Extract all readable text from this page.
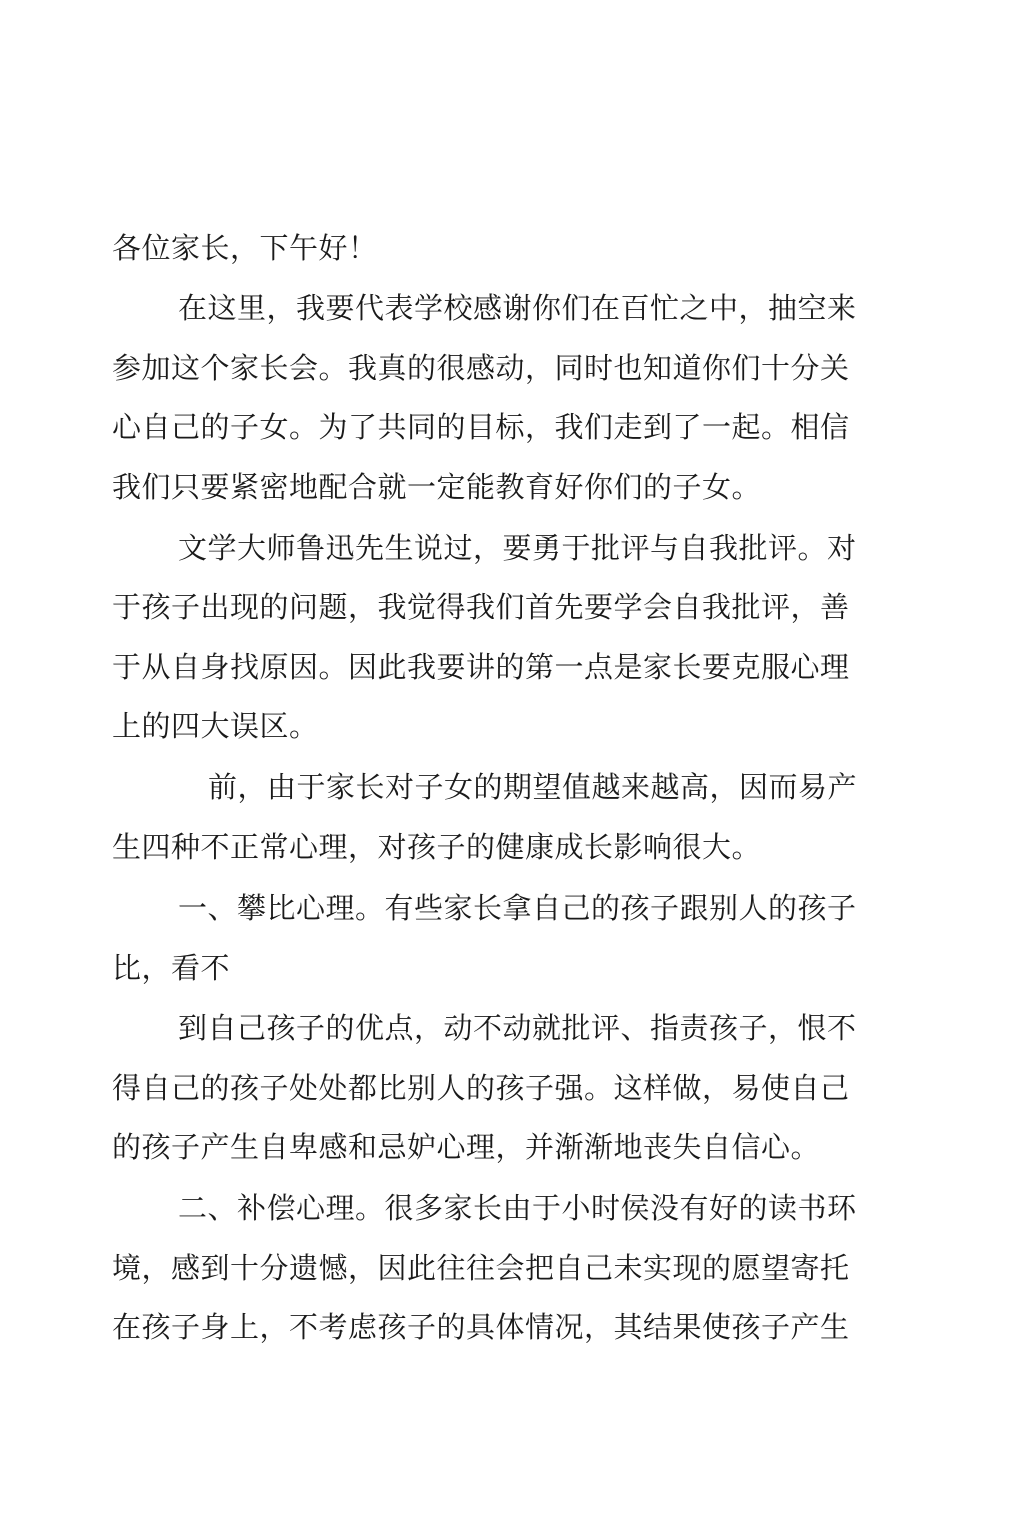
各位家长，下午好！

在这里，我要代表学校感谢你们在百忙之中，抽空来

参加这个家长会。我真的很感动，同时也知道你们十分关

心自己的子女。为了共同的目标，我们走到了一起。相信

我们只要紧密地配合就一定能教育好你们的子女。

文学大师鲁迅先生说过，要勇于批评与自我批评。对

于孩子出现的问题，我觉得我们首先要学会自我批评，善

于从自身找原因。因此我要讲的第一点是家长要克服心理

上的四大误区。

前，由于家长对子女的期望值越来越高，因而易产

生四种不正常心理，对孩子的健康成长影响很大。

一、攀比心理。有些家长拿自己的孩子跟别人的孩子

比，看不

到自己孩子的优点，动不动就批评、指责孩子，恨不

得自己的孩子处处都比别人的孩子强。这样做，易使自己

的孩子产生自卑感和忌妒心理，并渐渐地丧失自信心。

二、补偿心理。很多家长由于小时侯没有好的读书环

境，感到十分遗憾，因此往往会把自己未实现的愿望寄托

在孩子身上，不考虑孩子的具体情况，其结果使孩子产生
